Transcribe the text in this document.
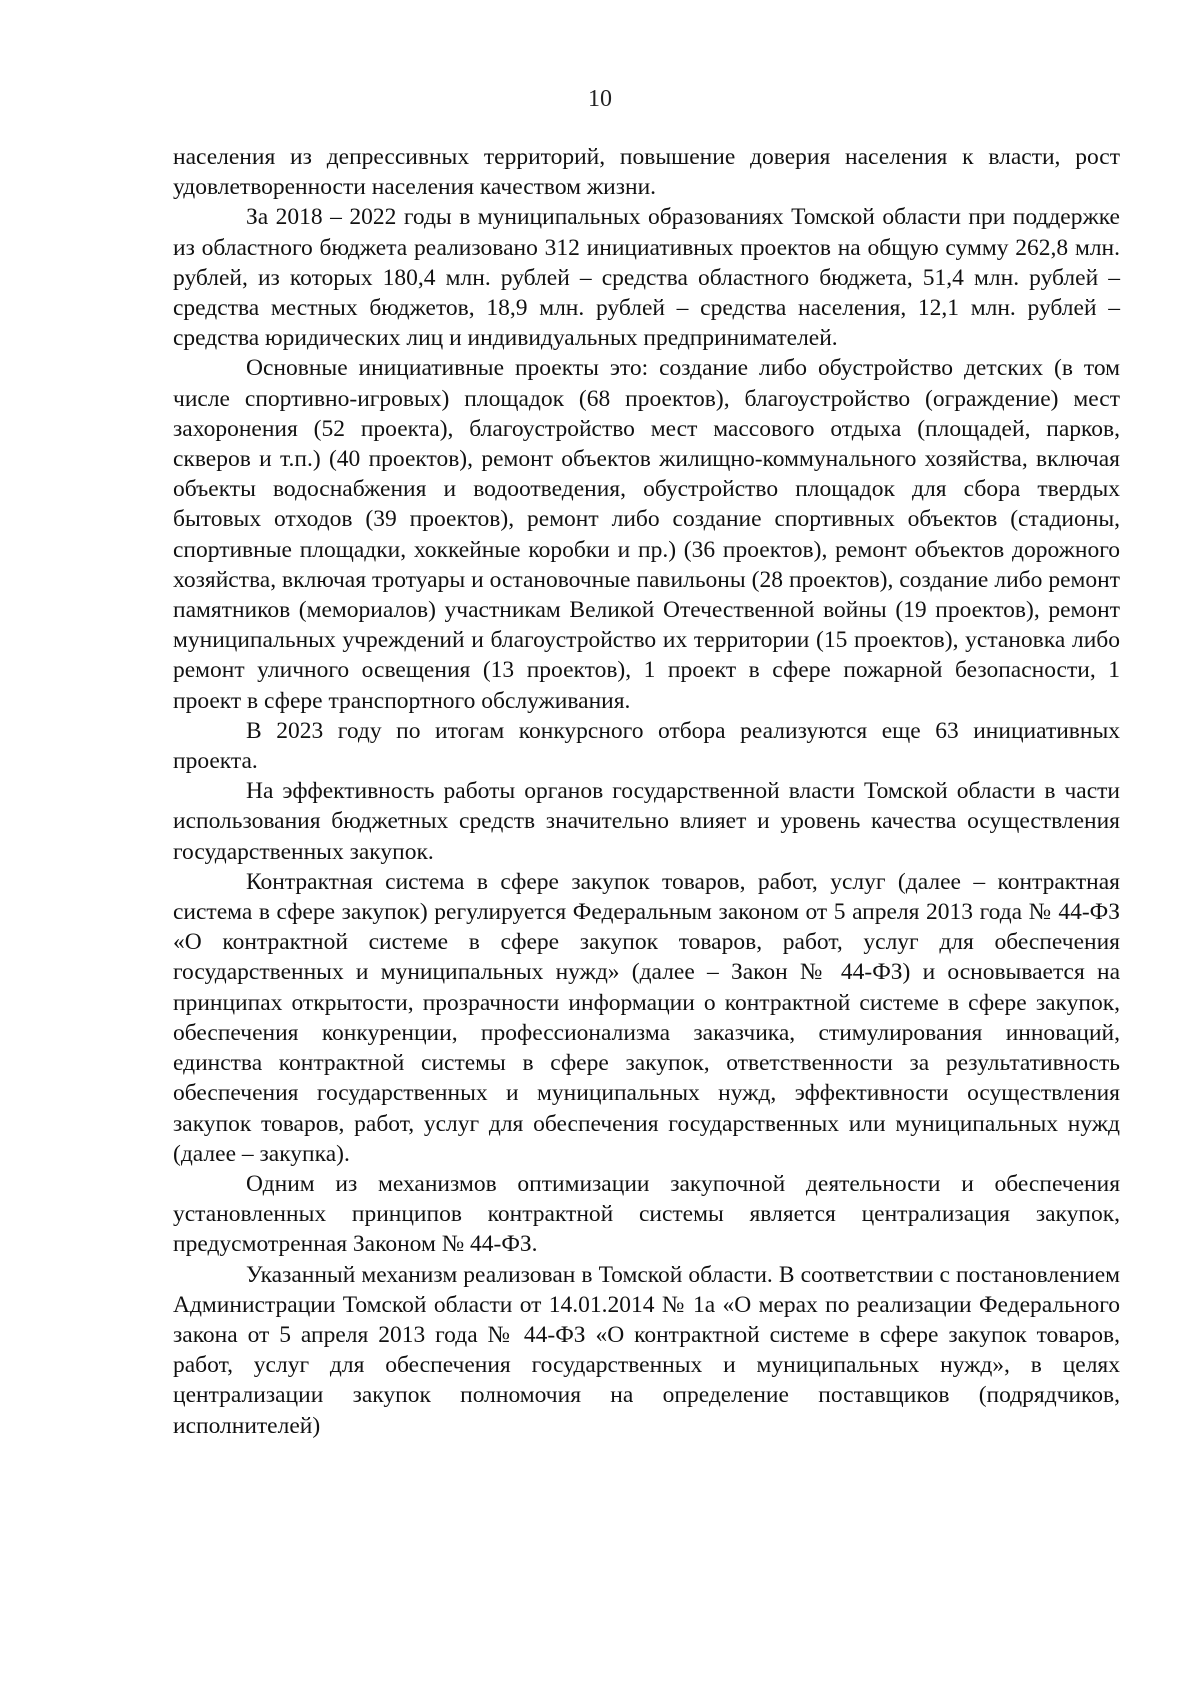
10

населения из депрессивных территорий, повышение доверия населения к власти, рост удовлетворенности населения качеством жизни.

За 2018 – 2022 годы в муниципальных образованиях Томской области при поддержке из областного бюджета реализовано 312 инициативных проектов на общую сумму 262,8 млн. рублей, из которых 180,4 млн. рублей – средства областного бюджета, 51,4 млн. рублей – средства местных бюджетов, 18,9 млн. рублей – средства населения, 12,1 млн. рублей – средства юридических лиц и индивидуальных предпринимателей.

Основные инициативные проекты это: создание либо обустройство детских (в том числе спортивно-игровых) площадок (68 проектов), благоустройство (ограждение) мест захоронения (52 проекта), благоустройство мест массового отдыха (площадей, парков, скверов и т.п.) (40 проектов), ремонт объектов жилищно-коммунального хозяйства, включая объекты водоснабжения и водоотведения, обустройство площадок для сбора твердых бытовых отходов (39 проектов), ремонт либо создание спортивных объектов (стадионы, спортивные площадки, хоккейные коробки и пр.) (36 проектов), ремонт объектов дорожного хозяйства, включая тротуары и остановочные павильоны (28 проектов), создание либо ремонт памятников (мемориалов) участникам Великой Отечественной войны (19 проектов), ремонт муниципальных учреждений и благоустройство их территории (15 проектов), установка либо ремонт уличного освещения (13 проектов), 1 проект в сфере пожарной безопасности, 1 проект в сфере транспортного обслуживания.

В 2023 году по итогам конкурсного отбора реализуются еще 63 инициативных проекта.

На эффективность работы органов государственной власти Томской области в части использования бюджетных средств значительно влияет и уровень качества осуществления государственных закупок.

Контрактная система в сфере закупок товаров, работ, услуг (далее – контрактная система в сфере закупок) регулируется Федеральным законом от 5 апреля 2013 года № 44-ФЗ «О контрактной системе в сфере закупок товаров, работ, услуг для обеспечения государственных и муниципальных нужд» (далее – Закон № 44-ФЗ) и основывается на принципах открытости, прозрачности информации о контрактной системе в сфере закупок, обеспечения конкуренции, профессионализма заказчика, стимулирования инноваций, единства контрактной системы в сфере закупок, ответственности за результативность обеспечения государственных и муниципальных нужд, эффективности осуществления закупок товаров, работ, услуг для обеспечения государственных или муниципальных нужд (далее – закупка).

Одним из механизмов оптимизации закупочной деятельности и обеспечения установленных принципов контрактной системы является централизация закупок, предусмотренная Законом № 44-ФЗ.

Указанный механизм реализован в Томской области. В соответствии с постановлением Администрации Томской области от 14.01.2014 № 1а «О мерах по реализации Федерального закона от 5 апреля 2013 года № 44-ФЗ «О контрактной системе в сфере закупок товаров, работ, услуг для обеспечения государственных и муниципальных нужд», в целях централизации закупок полномочия на определение поставщиков (подрядчиков, исполнителей)
